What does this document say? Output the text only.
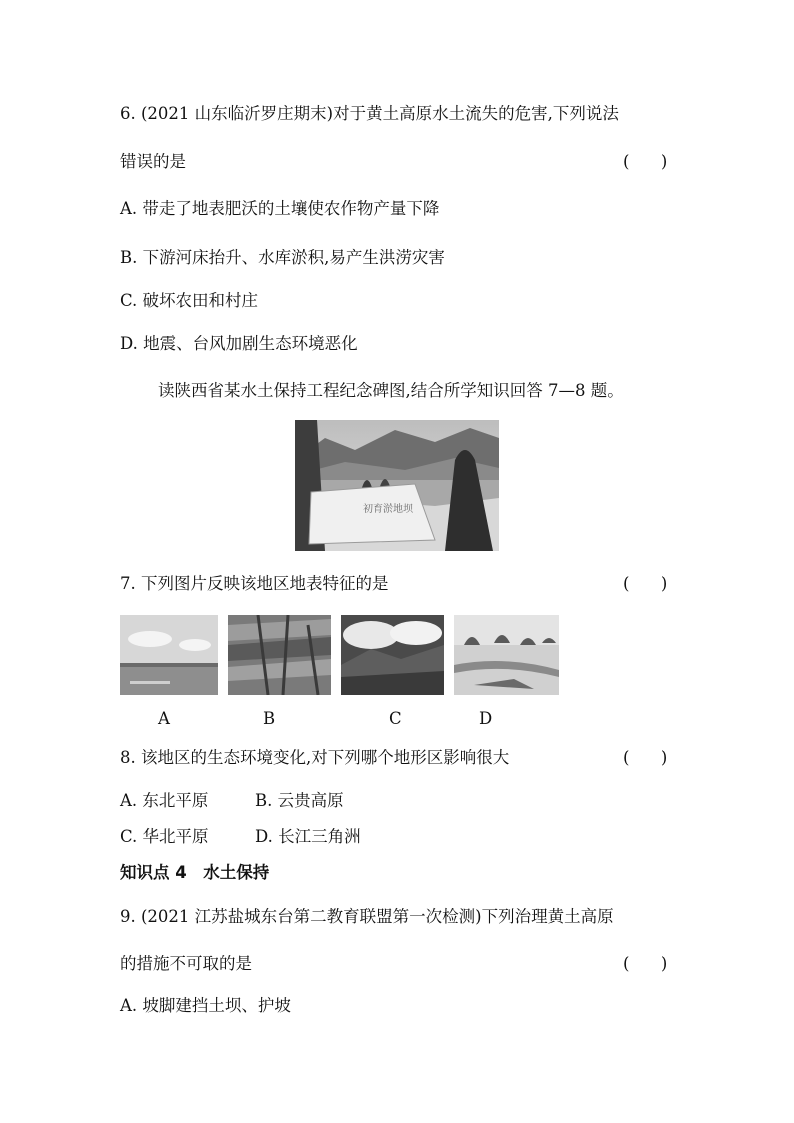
6. (2021 山东临沂罗庄期末)对于黄土高原水土流失的危害,下列说法
错误的是	(      )
A. 带走了地表肥沃的土壤使农作物产量下降
B. 下游河床抬升、水库淤积,易产生洪涝灾害
C. 破坏农田和村庄
D. 地震、台风加剧生态环境恶化
读陕西省某水土保持工程纪念碑图,结合所学知识回答 7—8 题。
初育淤地坝
7. 下列图片反映该地区地表特征的是	(      )
A	B	C	D
8. 该地区的生态环境变化,对下列哪个地形区影响很大	(      )
A. 东北平原	B. 云贵高原
C. 华北平原	D. 长江三角洲
知识点 4　水土保持
9. (2021 江苏盐城东台第二教育联盟第一次检测)下列治理黄土高原
的措施不可取的是	(      )
A. 坡脚建挡土坝、护坡
